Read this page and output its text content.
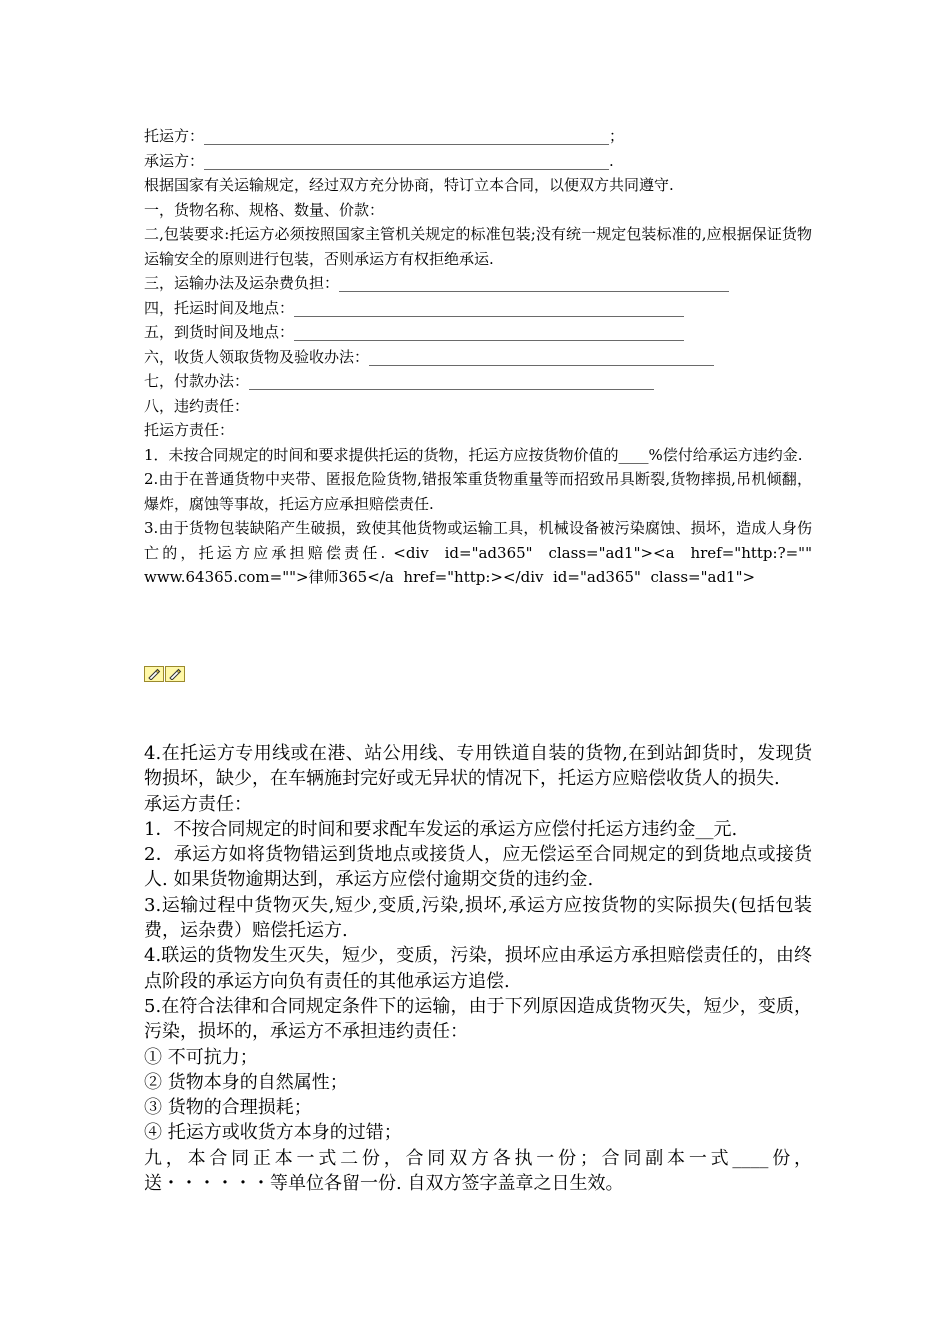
托运方：______________________________________________________；

承运方：______________________________________________________.

根据国家有关运输规定，经过双方充分协商，特订立本合同，以便双方共同遵守.

一，货物名称、规格、数量、价款：

二,包装要求:托运方必须按照国家主管机关规定的标准包装;没有统一规定包装标准的,应根据保证货物运输安全的原则进行包装，否则承运方有权拒绝承运.

三，运输办法及运杂费负担：____________________________________________________

四，托运时间及地点：____________________________________________________

五，到货时间及地点：____________________________________________________

六，收货人领取货物及验收办法：______________________________________________

七，付款办法：______________________________________________________

八，违约责任：

托运方责任：

1．未按合同规定的时间和要求提供托运的货物，托运方应按货物价值的____%偿付给承运方违约金.

2.由于在普通货物中夹带、匿报危险货物,错报笨重货物重量等而招致吊具断裂,货物摔损,吊机倾翻，爆炸，腐蚀等事故，托运方应承担赔偿责任.

3.由于货物包装缺陷产生破损，致使其他货物或运输工具，机械设备被污染腐蚀、损坏，造成人身伤亡的，托运方应承担赔偿责任. <div  id="ad365"  class="ad1"><a  href="http:?="" www.64365.com="">律师365</a  href="http:></div  id="ad365"  class="ad1">

4.在托运方专用线或在港、站公用线、专用铁道自装的货物,在到站卸货时，发现货物损坏，缺少，在车辆施封完好或无异状的情况下，托运方应赔偿收货人的损失.

承运方责任：

1．不按合同规定的时间和要求配车发运的承运方应偿付托运方违约金__元.

2．承运方如将货物错运到货地点或接货人，应无偿运至合同规定的到货地点或接货人. 如果货物逾期达到，承运方应偿付逾期交货的违约金.

3.运输过程中货物灭失,短少,变质,污染,损坏,承运方应按货物的实际损失(包括包装费，运杂费）赔偿托运方.

4.联运的货物发生灭失，短少，变质，污染，损坏应由承运方承担赔偿责任的，由终点阶段的承运方向负有责任的其他承运方追偿.

5.在符合法律和合同规定条件下的运输，由于下列原因造成货物灭失，短少，变质，污染，损坏的，承运方不承担违约责任：

① 不可抗力；

② 货物本身的自然属性；

③ 货物的合理损耗；

④ 托运方或收货方本身的过错；

九，本合同正本一式二份，合同双方各执一份；合同副本一式____份，送・・・・・・等单位各留一份. 自双方签字盖章之日生效。
